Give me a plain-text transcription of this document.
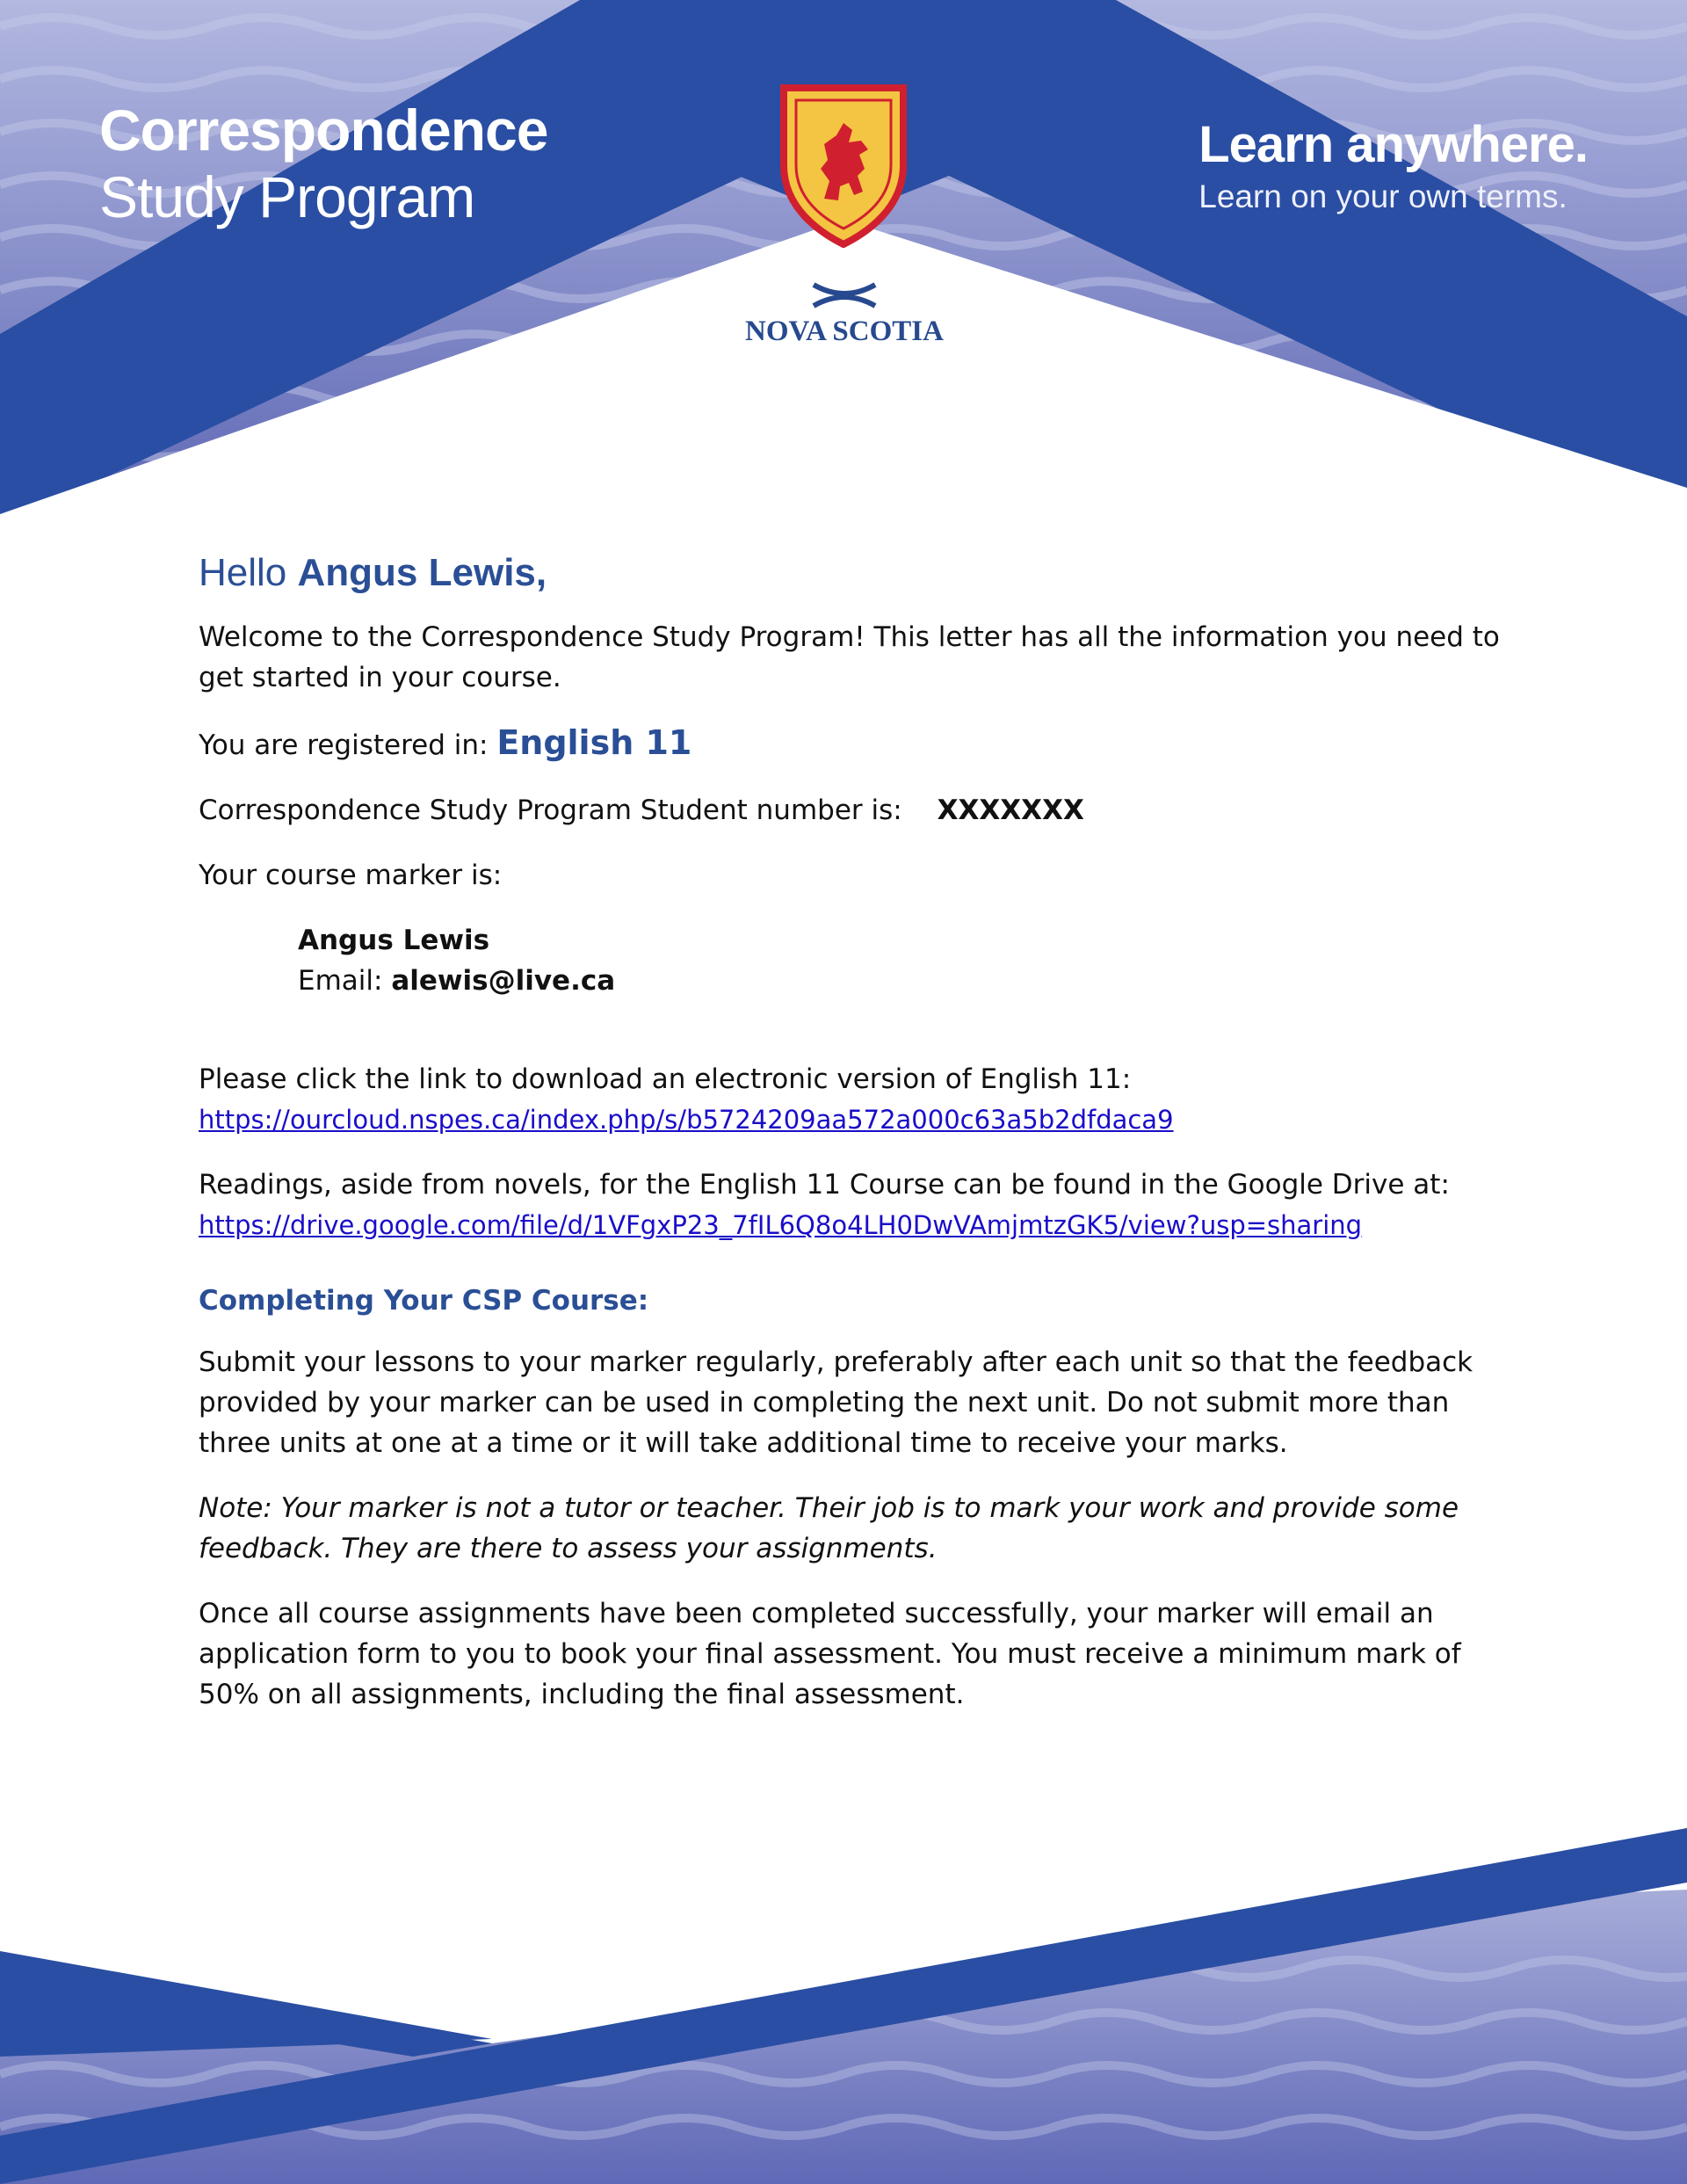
Correspondence
Study Program
Learn anywhere.
Learn on your own terms.
NOVA SCOTIA
Hello Angus Lewis,
Welcome to the Correspondence Study Program! This letter has all the information you need to get started in your course.
You are registered in: English 11
Correspondence Study Program Student number is: XXXXXXX
Your course marker is:
Angus Lewis
Email: alewis@live.ca
Please click the link to download an electronic version of English 11:
https://ourcloud.nspes.ca/index.php/s/b5724209aa572a000c63a5b2dfdaca9
Readings, aside from novels, for the English 11 Course can be found in the Google Drive at:
https://drive.google.com/file/d/1VFgxP23_7fIL6Q8o4LH0DwVAmjmtzGK5/view?usp=sharing
Completing Your CSP Course:
Submit your lessons to your marker regularly, preferably after each unit so that the feedback provided by your marker can be used in completing the next unit. Do not submit more than three units at one at a time or it will take additional time to receive your marks.
Note: Your marker is not a tutor or teacher. Their job is to mark your work and provide some feedback. They are there to assess your assignments.
Once all course assignments have been completed successfully, your marker will email an application form to you to book your final assessment. You must receive a minimum mark of 50% on all assignments, including the final assessment.
